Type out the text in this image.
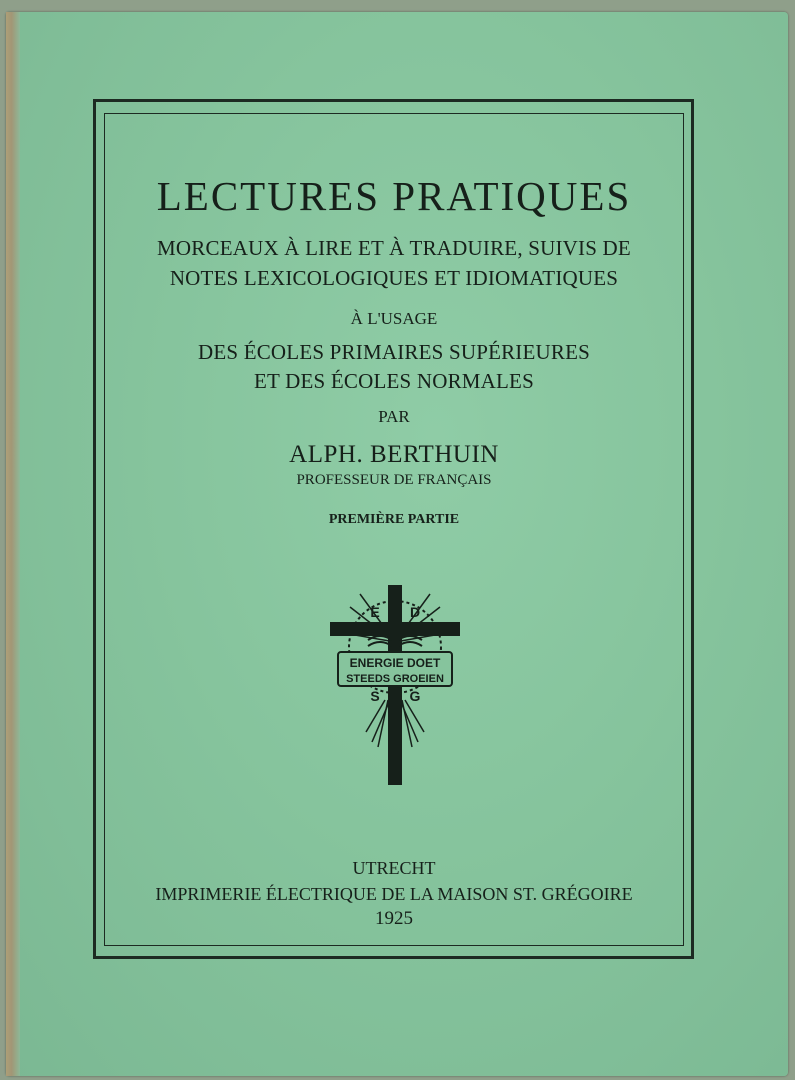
LECTURES PRATIQUES
MORCEAUX À LIRE ET À TRADUIRE, SUIVIS DE
NOTES LEXICOLOGIQUES ET IDIOMATIQUES
À L'USAGE
DES ÉCOLES PRIMAIRES SUPÉRIEURES
ET DES ÉCOLES NORMALES
PAR
ALPH. BERTHUIN
PROFESSEUR DE FRANÇAIS
PREMIÈRE PARTIE
ENERGIE DOET
STEEDS GROEIEN
E D
S G
UTRECHT
IMPRIMERIE ÉLECTRIQUE DE LA MAISON ST. GRÉGOIRE
1925
